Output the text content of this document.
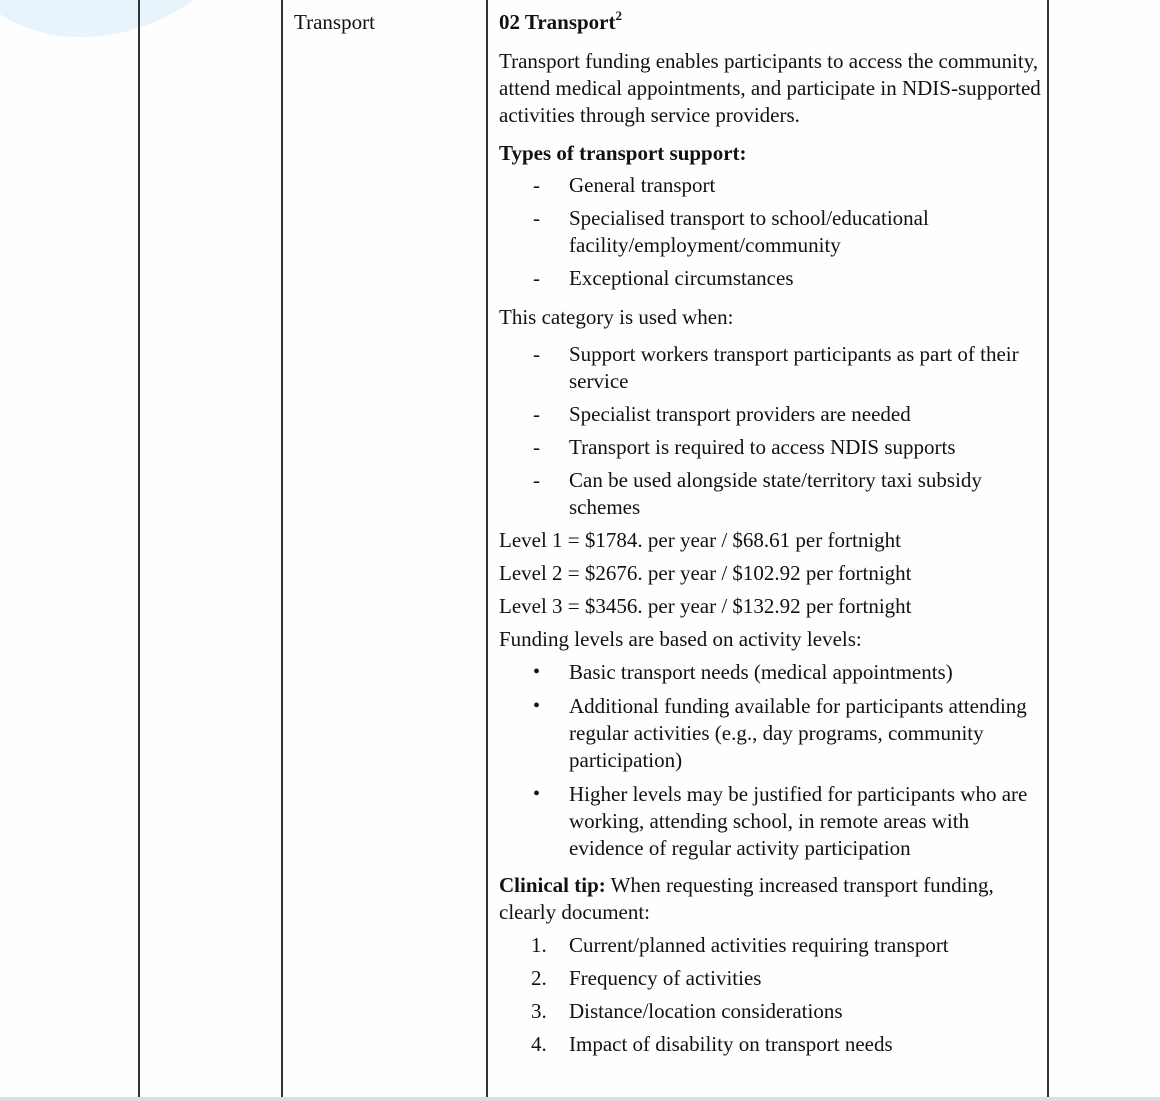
Transport	02 Transport$^2$

Transport funding enables participants to access the community, attend medical appointments, and participate in NDIS-supported activities through service providers.

Types of transport support:

- General transport
- Specialised transport to school/educational facility/employment/community
- Exceptional circumstances

This category is used when:

- Support workers transport participants as part of their service
- Specialist transport providers are needed
- Transport is required to access NDIS supports
- Can be used alongside state/territory taxi subsidy schemes

Level 1 = $1784. per year / $68.61 per fortnight

Level 2 = $2676. per year / $102.92 per fortnight

Level 3 = $3456. per year / $132.92 per fortnight

Funding levels are based on activity levels:

• Basic transport needs (medical appointments)
• Additional funding available for participants attending regular activities (e.g., day programs, community participation)
• Higher levels may be justified for participants who are working, attending school, in remote areas with evidence of regular activity participation

Clinical tip: When requesting increased transport funding, clearly document:

1. Current/planned activities requiring transport
2. Frequency of activities
3. Distance/location considerations
4. Impact of disability on transport needs
